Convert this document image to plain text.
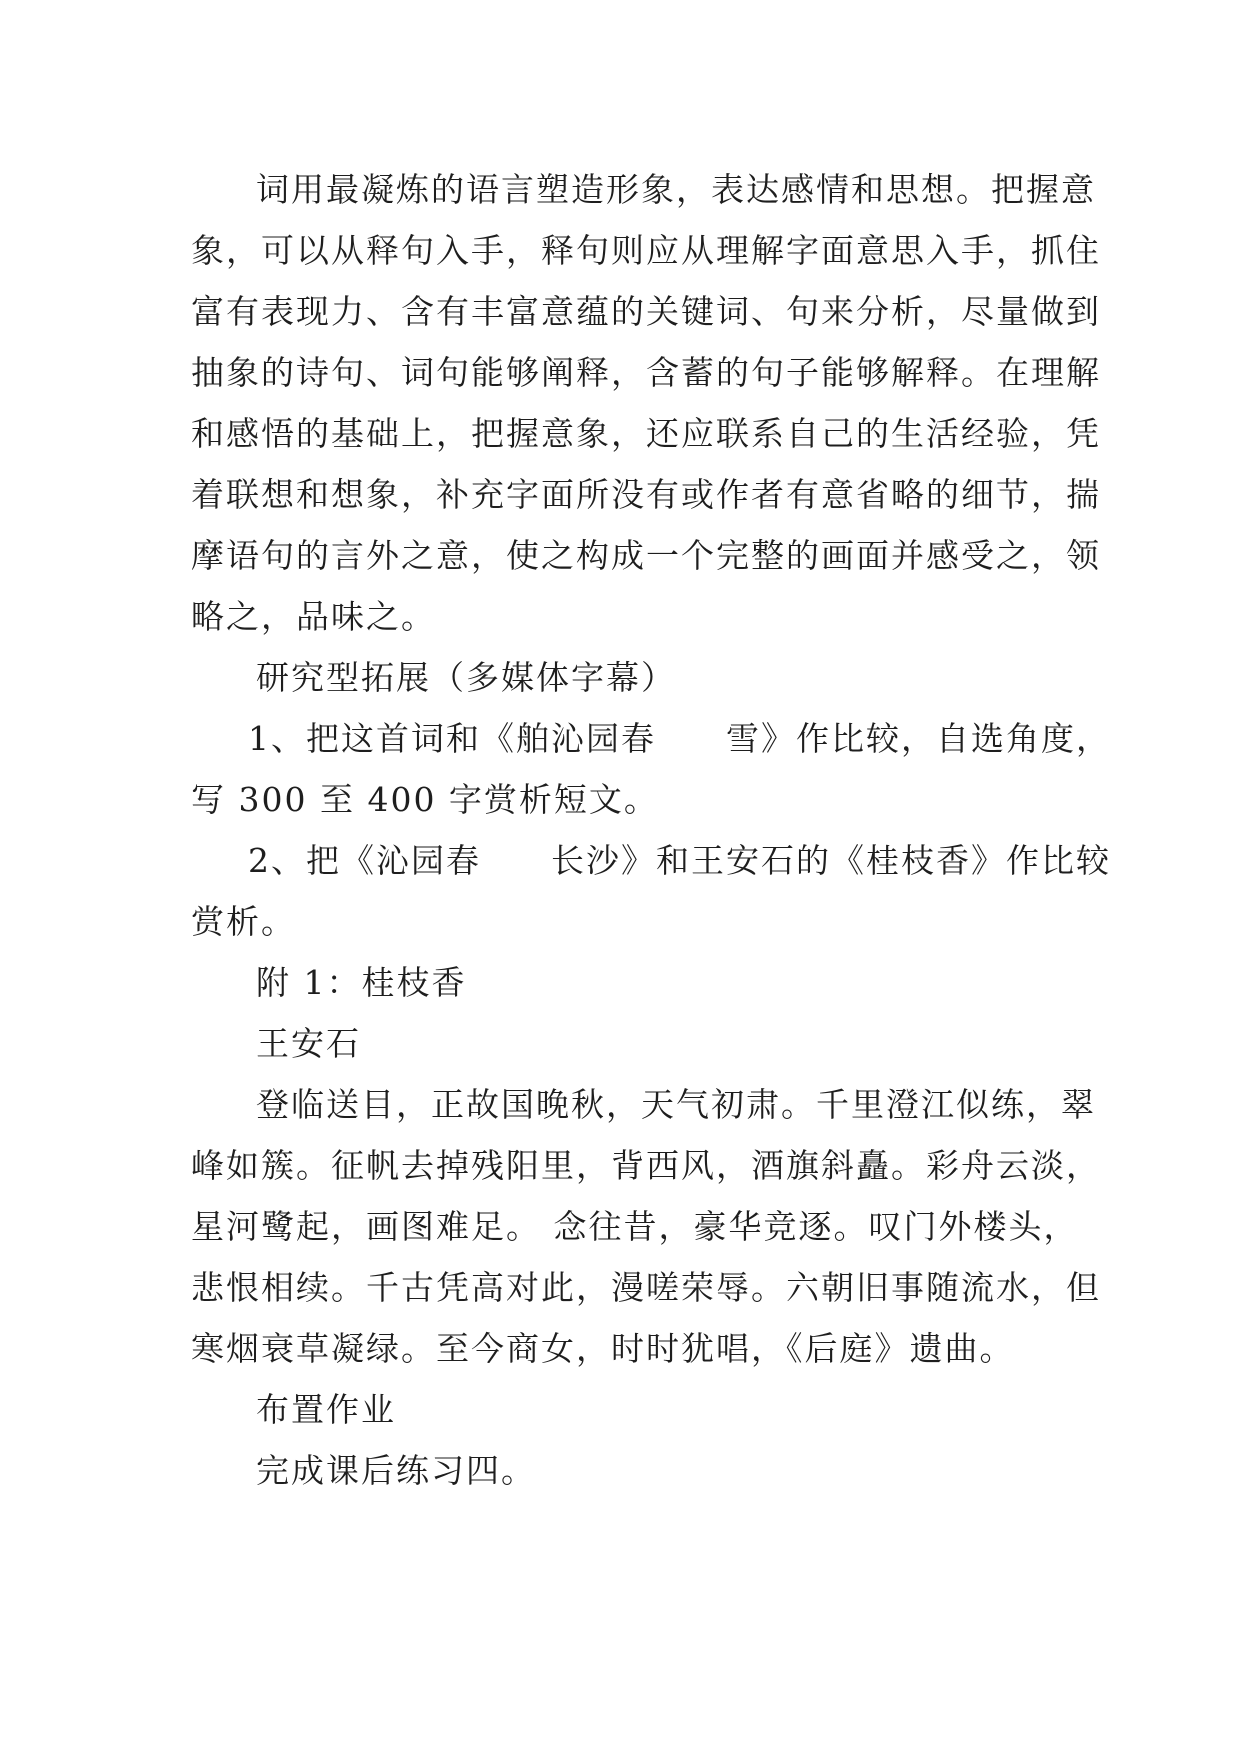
词用最凝炼的语言塑造形象，表达感情和思想。把握意
象，可以从释句入手，释句则应从理解字面意思入手，抓住
富有表现力、含有丰富意蕴的关键词、句来分析，尽量做到
抽象的诗句、词句能够阐释，含蓄的句子能够解释。在理解
和感悟的基础上，把握意象，还应联系自己的生活经验，凭
着联想和想象，补充字面所没有或作者有意省略的细节，揣
摩语句的言外之意，使之构成一个完整的画面并感受之，领
略之，品味之。
研究型拓展（多媒体字幕）
1、把这首词和《舶沁园春　　雪》作比较，自选角度，
写 300 至 400 字赏析短文。
2、把《沁园春　　长沙》和王安石的《桂枝香》作比较
赏析。
附 1：桂枝香
王安石
登临送目，正故国晚秋，天气初肃。千里澄江似练，翠
峰如簇。征帆去掉残阳里，背西风，酒旗斜矗。彩舟云淡，
星河鹭起，画图难足。 念往昔，豪华竞逐。叹门外楼头，
悲恨相续。千古凭高对此，漫嗟荣辱。六朝旧事随流水，但
寒烟衰草凝绿。至今商女，时时犹唱，《后庭》遗曲。
布置作业
完成课后练习四。
